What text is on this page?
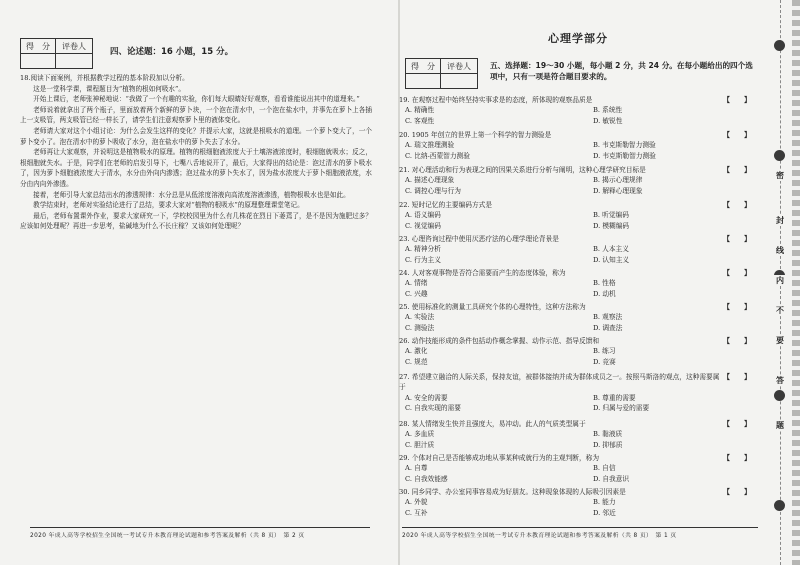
得　分	评卷人

四、论述题：16 小题，15 分。

18.阅读下面案例，并根据教学过程的基本阶段加以分析。

　　这是一堂科学课，课程题目为“植物的根如何吸水”。

　　开始上课后，老师张神秘地说：“我做了一个有趣的实验，你们每大眼睛好好观察，看看谁能说出其中的道理来。”

　　老师说着就拿出了两个瓶子，里面放着两个新鲜的萝卜块，一个泡在清水中，一个泡在盐水中，并事先在萝卜上各插上一支吸管，两支吸管已经一样长了，请学生们注意观察萝卜里的液体变化。

　　老师请大家对这个小组讨论：为什么会发生这样的变化？并提示大家，这就是根吸水的道理。一个萝卜变大了，一个萝卜变小了。泡在清水中的萝卜吸收了水分，泡在盐水中的萝卜失去了水分。

　　老师再让大家观察，并说明这是植物吸水的原理。植物的根细胞液浓度大于土壤溶液浓度时，根细胞就吸水；反之，根细胞就失水。于是，同学们在老师的启发引导下，七嘴八舌地说开了，最后，大家得出的结论是：泡过清水的萝卜吸水了，因为萝卜细胞液浓度大于清水，水分由外向内渗透；泡过盐水的萝卜失水了，因为盐水浓度大于萝卜细胞液浓度，水分由内向外渗透。

　　接着，老师引导大家总结出水的渗透规律：水分总是从低浓度溶液向高浓度溶液渗透，植物根吸水也是如此。

　　教学结束时，老师对实验结论进行了总结，要求大家对“植物的根吸水”的原理整理课堂笔记。

　　最后，老师布置课外作业，要求大家研究一下，学校校园里为什么有几株花在烈日下萎蔫了，是不是因为施肥过多？应该如何处理呢？再进一步思考，盐碱地为什么不长庄稼？又该如何处理呢？

2020 年成人高等学校招生全国统一考试专升本教育理论试题和参考答案及解析（共 8 页）　第 2 页
心理学部分
得　分	评卷人
		五、选择题：19～30 小题，每小题 2 分，共 24 分。在每小题给出的四个选项中，只有一项是符合题目要求的。
19. 在观察过程中始终坚持实事求是的态度，所体现的观察品质是	【　　】
A. 精确性	B. 系统性
C. 客观性	D. 敏锐性
20. 1905 年创立的世界上第一个科学的智力测验是	【　　】
A. 瑞文推理测验	B. 韦克斯勒智力测验
C. 比纳-西蒙智力测验	D. 韦克斯勒智力测验
21. 对心理活动和行为表现之间的因果关系进行分析与阐明，这种心理学研究目标是	【　　】
A. 描述心理现象	B. 揭示心理规律
C. 调控心理与行为	D. 解释心理现象
22. 短时记忆的主要编码方式是	【　　】
A. 语义编码	B. 听觉编码
C. 视觉编码	D. 模糊编码
23. 心理咨询过程中使用厌恶疗法的心理学理论背景是	【　　】
A. 精神分析	B. 人本主义
C. 行为主义	D. 认知主义
24. 人对客观事物是否符合需要而产生的态度体验，称为	【　　】
A. 情绪	B. 性格
C. 兴趣	D. 动机
25. 使用标准化的测量工具研究个体的心理特性，这种方法称为	【　　】
A. 实验法	B. 观察法
C. 测验法	D. 调查法
26. 动作技能形成的条件包括动作概念掌握、动作示范、指导反馈和	【　　】
A. 激化	B. 练习
C. 规范	D. 竞赛
27. 希望建立融洽的人际关系，保持友谊，被群体接纳并成为群体成员之一。按照马斯洛的观点，这种需要属于
【　　】
A. 安全的需要	B. 尊重的需要
C. 自我实现的需要	D. 归属与爱的需要
28. 某人情绪发生快并且强度大，易冲动。此人的气质类型属于	【　　】
A. 多血质	B. 黏液质
C. 胆汁质	D. 抑郁质
29. 个体对自己是否能够成功地从事某种成就行为的主观判断，称为	【　　】
A. 自尊	B. 自信
C. 自我效能感	D. 自我意识
30. 同乡同学、办公室同事容易成为好朋友。这种现象体现的人际吸引因素是	【　　】
A. 外貌	B. 能力
C. 互补	D. 邻近
2020 年成人高等学校招生全国统一考试专升本教育理论试题和参考答案及解析（共 8 页）　第 1 页
密
封
线
内
不
要
答
题
